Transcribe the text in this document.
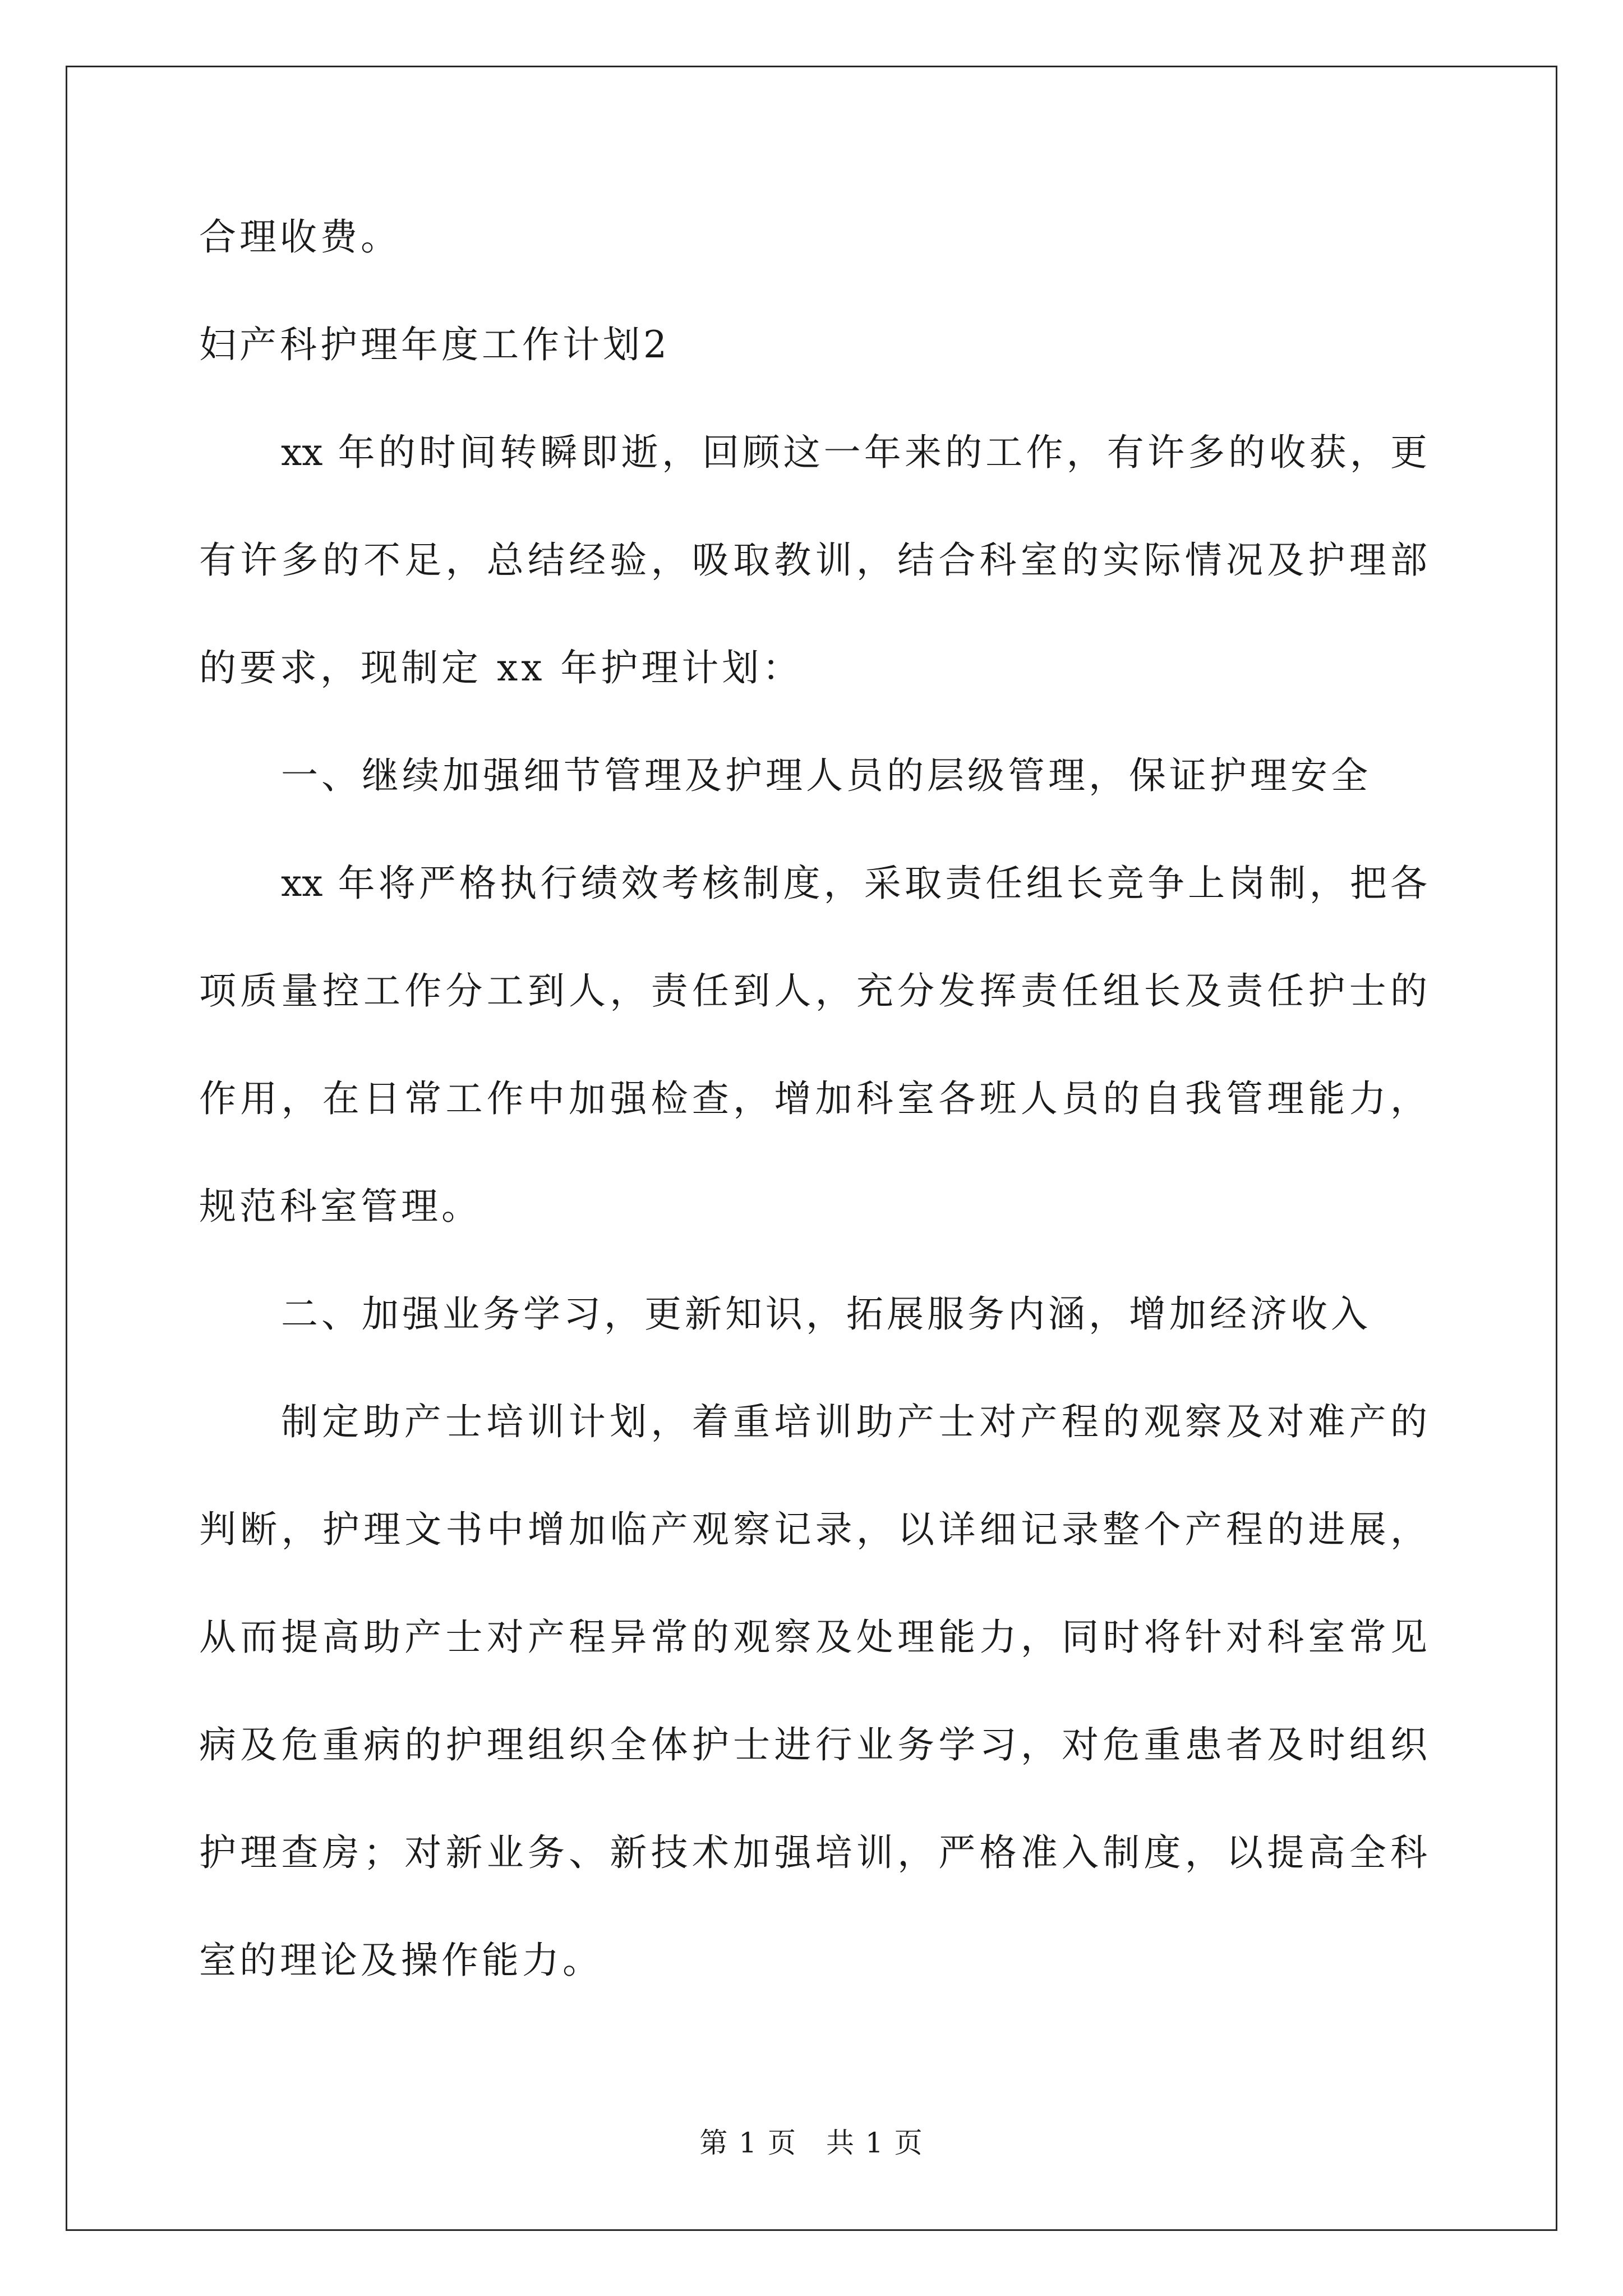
合理收费。
妇产科护理年度工作计划2
xx 年的时间转瞬即逝，回顾这一年来的工作，有许多的收获，更
有许多的不足，总结经验，吸取教训，结合科室的实际情况及护理部
的要求，现制定 xx 年护理计划：
一、继续加强细节管理及护理人员的层级管理，保证护理安全
xx 年将严格执行绩效考核制度，采取责任组长竞争上岗制，把各
项质量控工作分工到人，责任到人，充分发挥责任组长及责任护士的
作用，在日常工作中加强检查，增加科室各班人员的自我管理能力，
规范科室管理。
二、加强业务学习，更新知识，拓展服务内涵，增加经济收入
制定助产士培训计划，着重培训助产士对产程的观察及对难产的
判断，护理文书中增加临产观察记录，以详细记录整个产程的进展，
从而提高助产士对产程异常的观察及处理能力，同时将针对科室常见
病及危重病的护理组织全体护士进行业务学习，对危重患者及时组织
护理查房；对新业务、新技术加强培训，严格准入制度，以提高全科
室的理论及操作能力。
第 1 页　共 1 页
